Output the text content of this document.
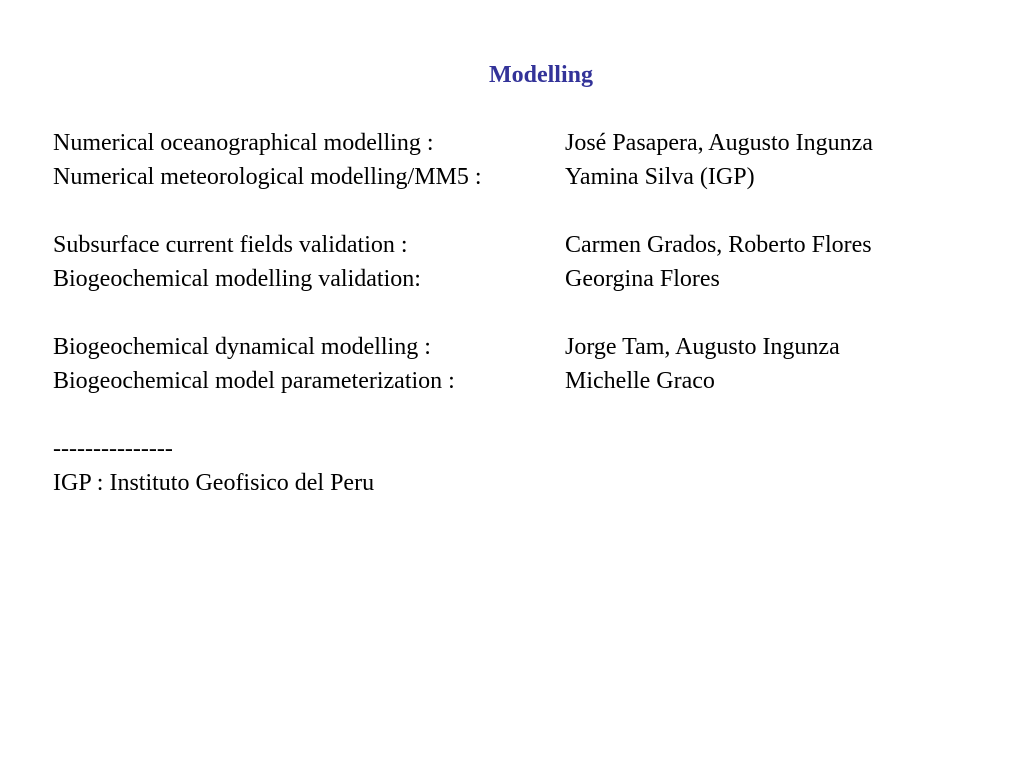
Modelling
Numerical oceanographical modelling :	José Pasapera, Augusto Ingunza
Numerical meteorological modelling/MM5 :	Yamina Silva (IGP)
Subsurface current fields validation :	Carmen Grados, Roberto Flores
Biogeochemical modelling validation:	Georgina Flores
Biogeochemical dynamical modelling :	Jorge Tam, Augusto Ingunza
Biogeochemical model parameterization :	Michelle Graco
---------------
IGP : Instituto Geofisico del Peru
